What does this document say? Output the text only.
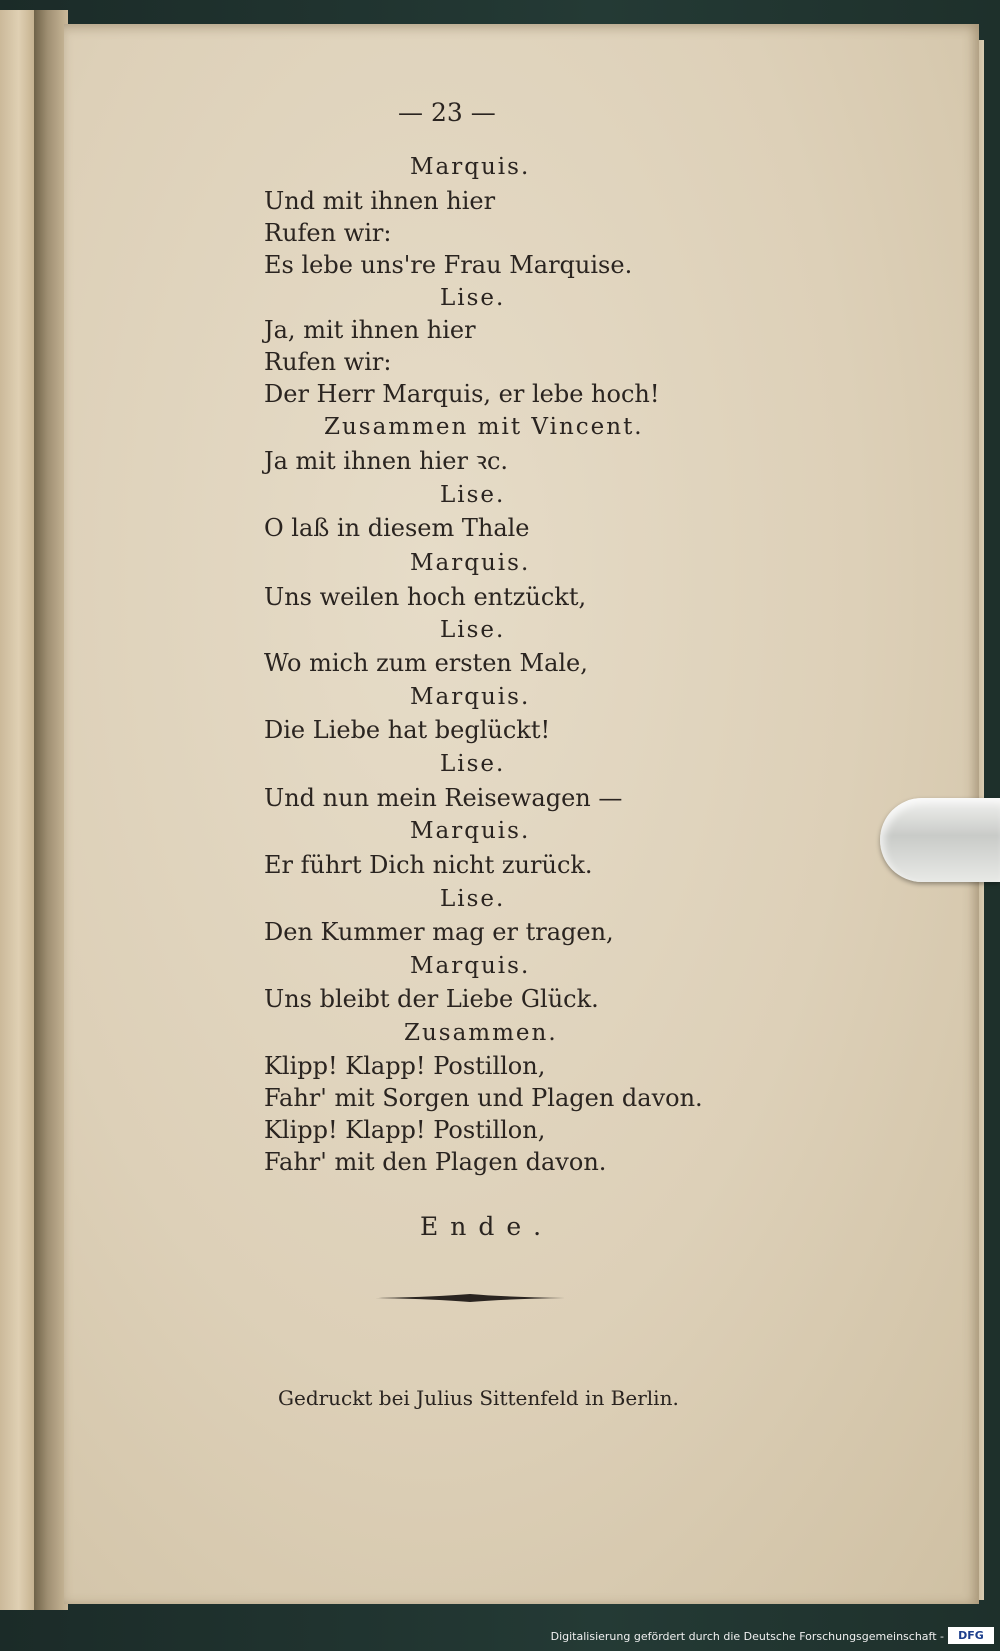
— 23 —
Marquis.
Und mit ihnen hier
Rufen wir:
Es lebe uns're Frau Marquise.
Lise.
Ja, mit ihnen hier
Rufen wir:
Der Herr Marquis, er lebe hoch!
Zusammen mit Vincent.
Ja mit ihnen hier ꝛc.
Lise.
O laß in diesem Thale
Marquis.
Uns weilen hoch entzückt,
Lise.
Wo mich zum ersten Male,
Marquis.
Die Liebe hat beglückt!
Lise.
Und nun mein Reisewagen —
Marquis.
Er führt Dich nicht zurück.
Lise.
Den Kummer mag er tragen,
Marquis.
Uns bleibt der Liebe Glück.
Zusammen.
Klipp! Klapp! Postillon,
Fahr' mit Sorgen und Plagen davon.
Klipp! Klapp! Postillon,
Fahr' mit den Plagen davon.
Ende.
Gedruckt bei Julius Sittenfeld in Berlin.
Digitalisierung gefördert durch die Deutsche Forschungsgemeinschaft -	DFG
